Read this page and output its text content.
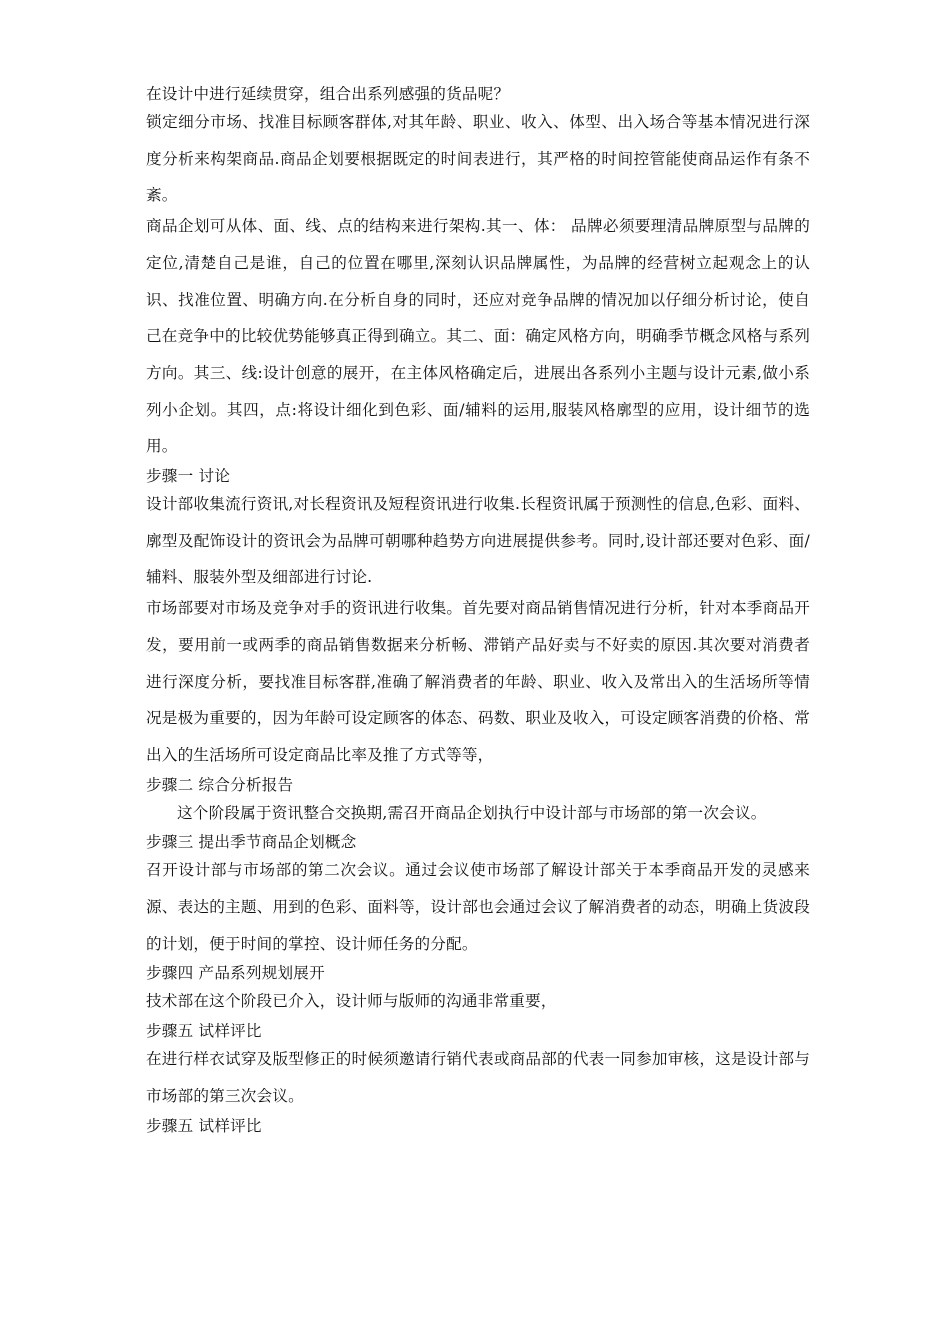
在设计中进行延续贯穿，组合出系列感强的货品呢？

锁定细分市场、找准目标顾客群体,对其年龄、职业、收入、体型、出入场合等基本情况进行深度分析来构架商品.商品企划要根据既定的时间表进行，其严格的时间控管能使商品运作有条不紊。

商品企划可从体、面、线、点的结构来进行架构.其一、体： 品牌必须要理清品牌原型与品牌的定位,清楚自己是谁，自己的位置在哪里,深刻认识品牌属性，为品牌的经营树立起观念上的认识、找准位置、明确方向.在分析自身的同时，还应对竞争品牌的情况加以仔细分析讨论，使自己在竞争中的比较优势能够真正得到确立。其二、面：确定风格方向，明确季节概念风格与系列方向。其三、线:设计创意的展开，在主体风格确定后，进展出各系列小主题与设计元素,做小系列小企划。其四，点:将设计细化到色彩、面/辅料的运用,服装风格廓型的应用，设计细节的选用。

步骤一 讨论

设计部收集流行资讯,对长程资讯及短程资讯进行收集.长程资讯属于预测性的信息,色彩、面料、廓型及配饰设计的资讯会为品牌可朝哪种趋势方向进展提供参考。同时,设计部还要对色彩、面/辅料、服装外型及细部进行讨论.

市场部要对市场及竞争对手的资讯进行收集。首先要对商品销售情况进行分析，针对本季商品开发，要用前一或两季的商品销售数据来分析畅、滞销产品好卖与不好卖的原因.其次要对消费者进行深度分析，要找准目标客群,准确了解消费者的年龄、职业、收入及常出入的生活场所等情况是极为重要的，因为年龄可设定顾客的体态、码数、职业及收入，可设定顾客消费的价格、常出入的生活场所可设定商品比率及推了方式等等，

步骤二 综合分析报告

这个阶段属于资讯整合交换期,需召开商品企划执行中设计部与市场部的第一次会议。

步骤三 提出季节商品企划概念

召开设计部与市场部的第二次会议。通过会议使市场部了解设计部关于本季商品开发的灵感来源、表达的主题、用到的色彩、面料等，设计部也会通过会议了解消费者的动态，明确上货波段的计划，便于时间的掌控、设计师任务的分配。

步骤四 产品系列规划展开

技术部在这个阶段已介入，设计师与版师的沟通非常重要，

步骤五 试样评比

在进行样衣试穿及版型修正的时候须邀请行销代表或商品部的代表一同参加审核，这是设计部与市场部的第三次会议。

步骤五 试样评比
